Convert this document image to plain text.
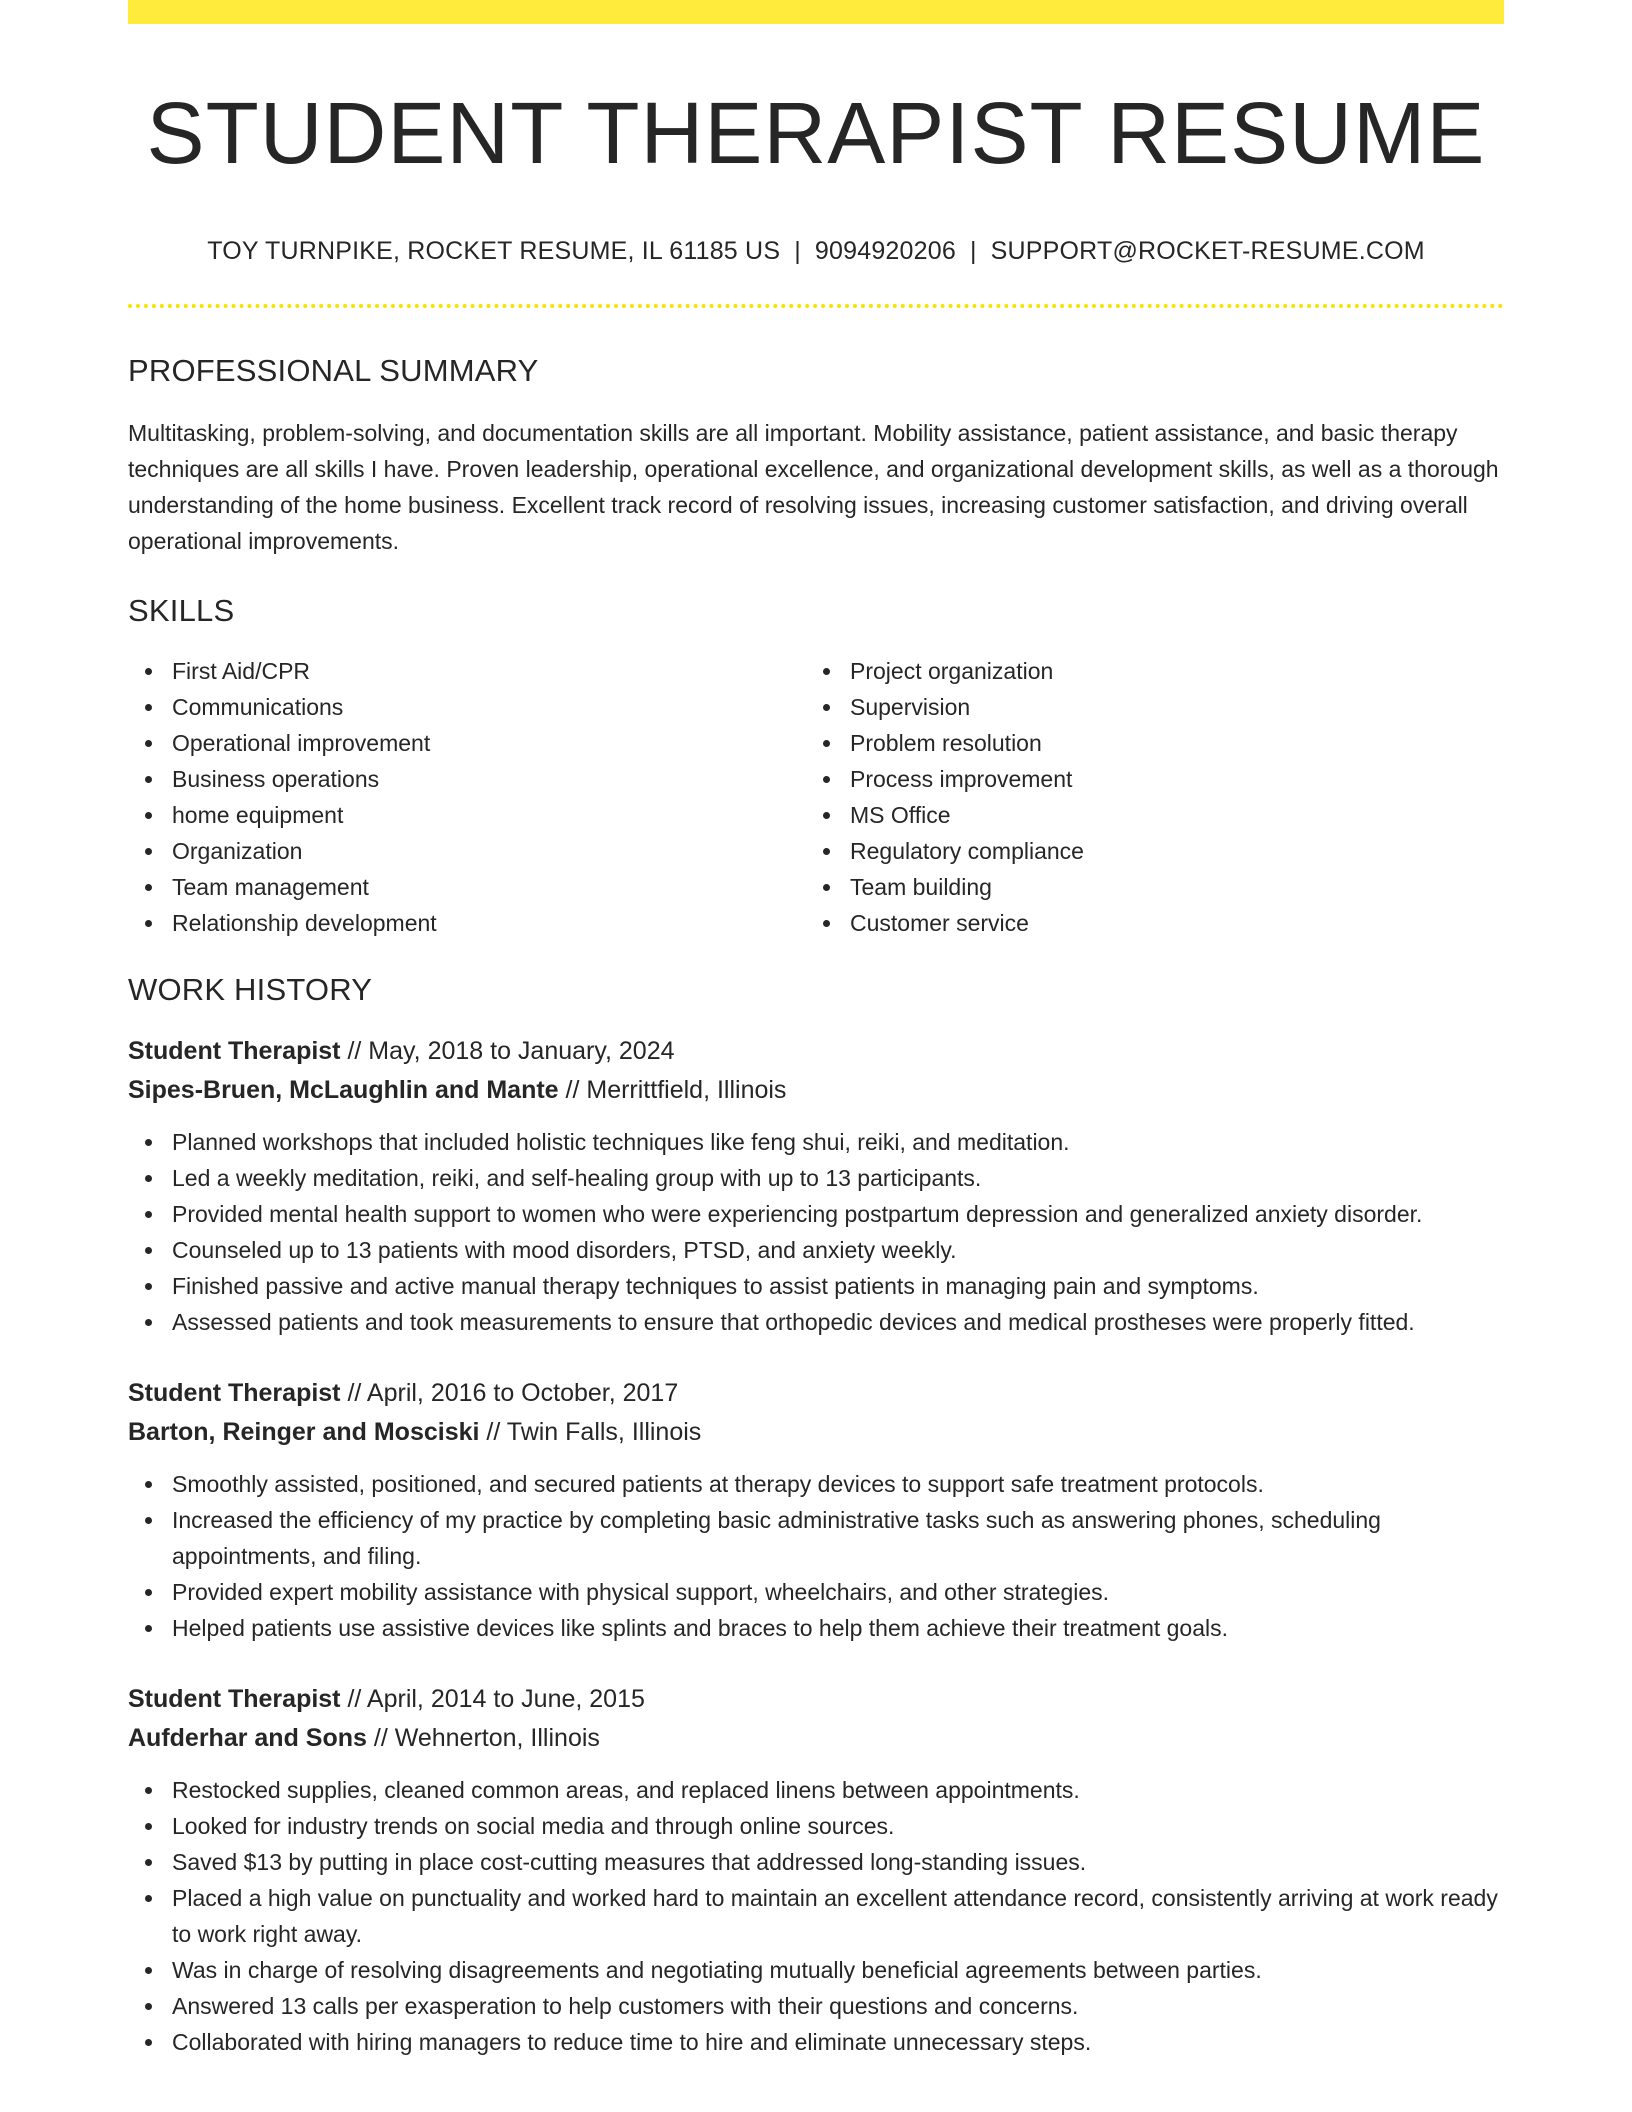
STUDENT THERAPIST RESUME
TOY TURNPIKE, ROCKET RESUME, IL 61185 US | 9094920206 | SUPPORT@ROCKET-RESUME.COM
PROFESSIONAL SUMMARY

Multitasking, problem-solving, and documentation skills are all important. Mobility assistance, patient assistance, and basic therapy techniques are all skills I have. Proven leadership, operational excellence, and organizational development skills, as well as a thorough understanding of the home business. Excellent track record of resolving issues, increasing customer satisfaction, and driving overall operational improvements.

SKILLS
First Aid/CPR
Communications
Operational improvement
Business operations
home equipment
Organization
Team management
Relationship development
Project organization
Supervision
Problem resolution
Process improvement
MS Office
Regulatory compliance
Team building
Customer service
WORK HISTORY
Student Therapist // May, 2018 to January, 2024
Sipes-Bruen, McLaughlin and Mante // Merrittfield, Illinois
Planned workshops that included holistic techniques like feng shui, reiki, and meditation.
Led a weekly meditation, reiki, and self-healing group with up to 13 participants.
Provided mental health support to women who were experiencing postpartum depression and generalized anxiety disorder.
Counseled up to 13 patients with mood disorders, PTSD, and anxiety weekly.
Finished passive and active manual therapy techniques to assist patients in managing pain and symptoms.
Assessed patients and took measurements to ensure that orthopedic devices and medical prostheses were properly fitted.
Student Therapist // April, 2016 to October, 2017
Barton, Reinger and Mosciski // Twin Falls, Illinois
Smoothly assisted, positioned, and secured patients at therapy devices to support safe treatment protocols.
Increased the efficiency of my practice by completing basic administrative tasks such as answering phones, scheduling appointments, and filing.
Provided expert mobility assistance with physical support, wheelchairs, and other strategies.
Helped patients use assistive devices like splints and braces to help them achieve their treatment goals.
Student Therapist // April, 2014 to June, 2015
Aufderhar and Sons // Wehnerton, Illinois
Restocked supplies, cleaned common areas, and replaced linens between appointments.
Looked for industry trends on social media and through online sources.
Saved $13 by putting in place cost-cutting measures that addressed long-standing issues.
Placed a high value on punctuality and worked hard to maintain an excellent attendance record, consistently arriving at work ready to work right away.
Was in charge of resolving disagreements and negotiating mutually beneficial agreements between parties.
Answered 13 calls per exasperation to help customers with their questions and concerns.
Collaborated with hiring managers to reduce time to hire and eliminate unnecessary steps.
